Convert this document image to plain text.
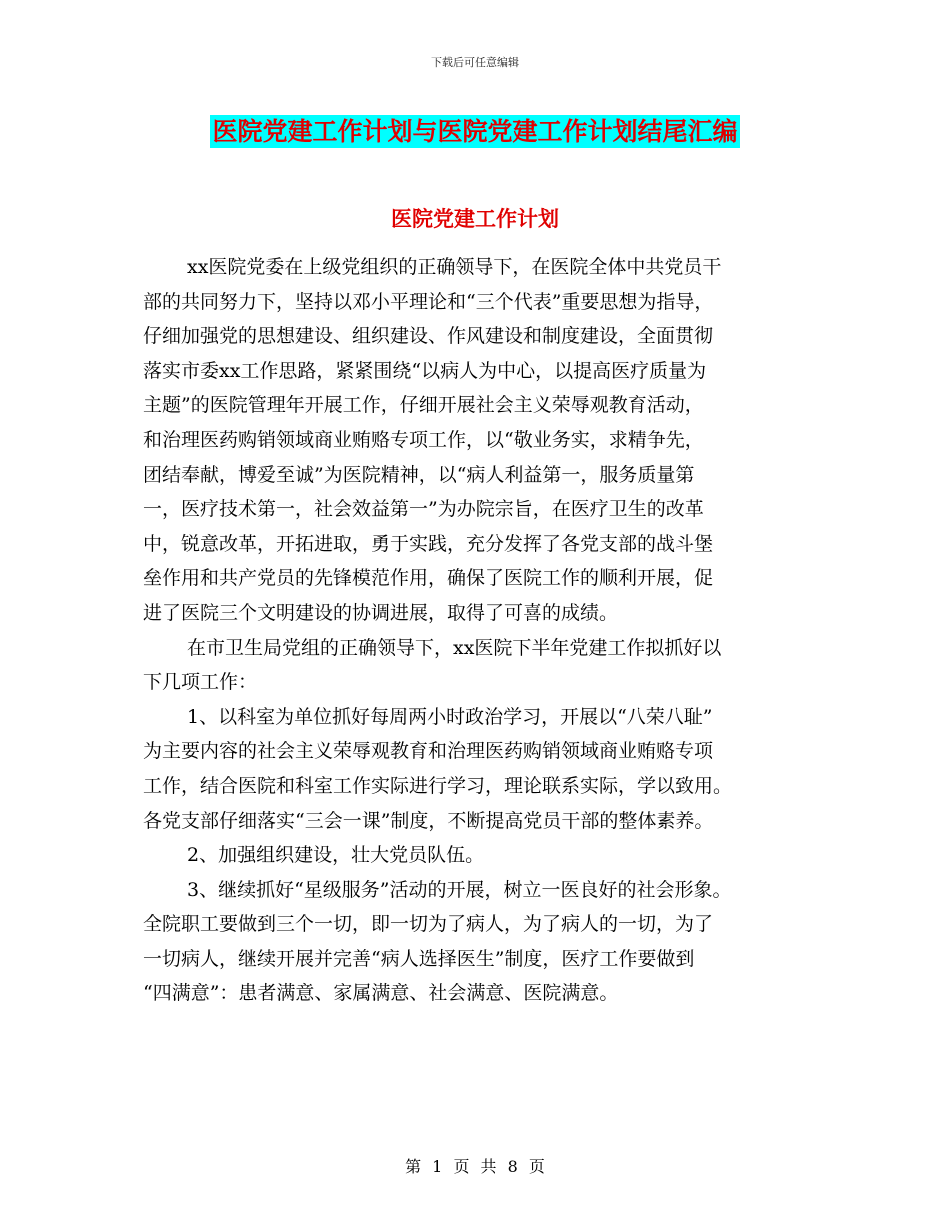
下载后可任意编辑
医院党建工作计划与医院党建工作计划结尾汇编
医院党建工作计划
xx医院党委在上级党组织的正确领导下，在医院全体中共党员干
部的共同努力下，坚持以邓小平理论和“三个代表”重要思想为指导，
仔细加强党的思想建设、组织建设、作风建设和制度建设，全面贯彻
落实市委xx工作思路，紧紧围绕“以病人为中心，以提高医疗质量为
主题”的医院管理年开展工作，仔细开展社会主义荣辱观教育活动，
和治理医药购销领域商业贿赂专项工作，以“敬业务实，求精争先，
团结奉献，博爱至诚”为医院精神，以“病人利益第一，服务质量第
一，医疗技术第一，社会效益第一”为办院宗旨，在医疗卫生的改革
中，锐意改革，开拓进取，勇于实践，充分发挥了各党支部的战斗堡
垒作用和共产党员的先锋模范作用，确保了医院工作的顺利开展，促
进了医院三个文明建设的协调进展，取得了可喜的成绩。
在市卫生局党组的正确领导下，xx医院下半年党建工作拟抓好以
下几项工作：
1、以科室为单位抓好每周两小时政治学习，开展以“八荣八耻”
为主要内容的社会主义荣辱观教育和治理医药购销领域商业贿赂专项
工作，结合医院和科室工作实际进行学习，理论联系实际，学以致用。
各党支部仔细落实“三会一课”制度，不断提高党员干部的整体素养。
2、加强组织建设，壮大党员队伍。
3、继续抓好“星级服务”活动的开展，树立一医良好的社会形象。
全院职工要做到三个一切，即一切为了病人，为了病人的一切，为了
一切病人，继续开展并完善“病人选择医生”制度，医疗工作要做到
“四满意”：患者满意、家属满意、社会满意、医院满意。
第 1 页 共 8 页
